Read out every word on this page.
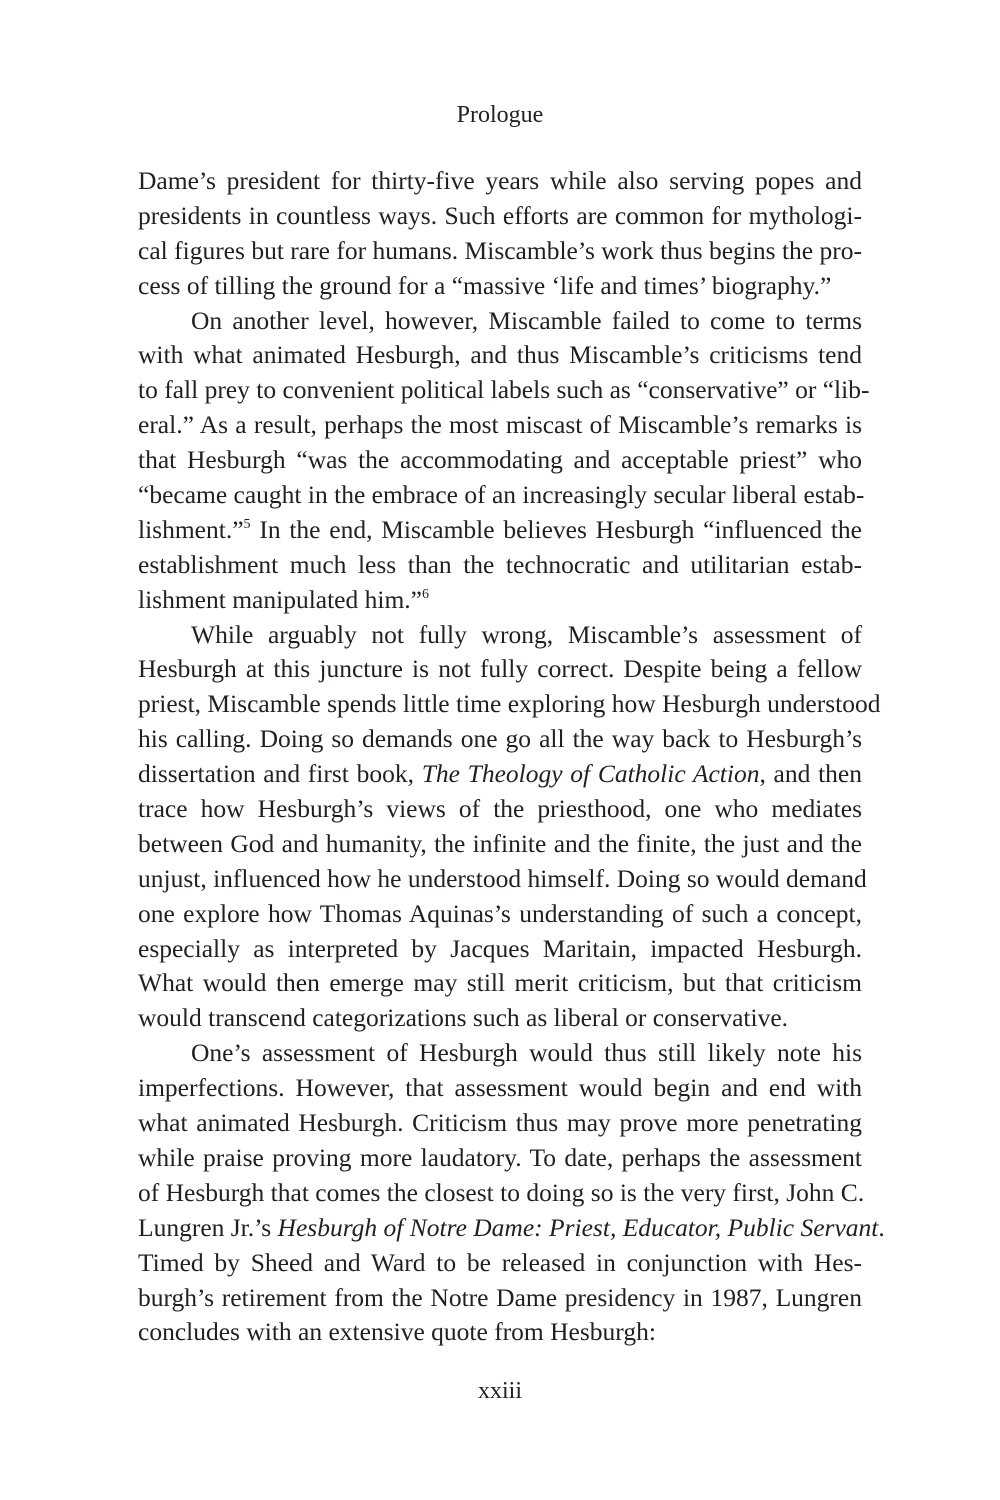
Prologue
Dame’s president for thirty-five years while also serving popes and
presidents in countless ways. Such efforts are common for mythologi-
cal figures but rare for humans. Miscamble’s work thus begins the pro-
cess of tilling the ground for a “massive ‘life and times’ biography.”
On another level, however, Miscamble failed to come to terms
with what animated Hesburgh, and thus Miscamble’s criticisms tend
to fall prey to convenient political labels such as “conservative” or “lib-
eral.” As a result, perhaps the most miscast of Miscamble’s remarks is
that Hesburgh “was the accommodating and acceptable priest” who
“became caught in the embrace of an increasingly secular liberal estab-
lishment.”$^5$ In the end, Miscamble believes Hesburgh “influenced the
establishment much less than the technocratic and utilitarian estab-
lishment manipulated him.”$^6$
While arguably not fully wrong, Miscamble’s assessment of
Hesburgh at this juncture is not fully correct. Despite being a fellow
priest, Miscamble spends little time exploring how Hesburgh understood
his calling. Doing so demands one go all the way back to Hesburgh’s
dissertation and first book, The Theology of Catholic Action, and then
trace how Hesburgh’s views of the priesthood, one who mediates
between God and humanity, the infinite and the finite, the just and the
unjust, influenced how he understood himself. Doing so would demand
one explore how Thomas Aquinas’s understanding of such a concept,
especially as interpreted by Jacques Maritain, impacted Hesburgh.
What would then emerge may still merit criticism, but that criticism
would transcend categorizations such as liberal or conservative.
One’s assessment of Hesburgh would thus still likely note his
imperfections. However, that assessment would begin and end with
what animated Hesburgh. Criticism thus may prove more penetrating
while praise proving more laudatory. To date, perhaps the assessment
of Hesburgh that comes the closest to doing so is the very first, John C.
Lungren Jr.’s Hesburgh of Notre Dame: Priest, Educator, Public Servant.
Timed by Sheed and Ward to be released in conjunction with Hes-
burgh’s retirement from the Notre Dame presidency in 1987, Lungren
concludes with an extensive quote from Hesburgh:
xxiii
